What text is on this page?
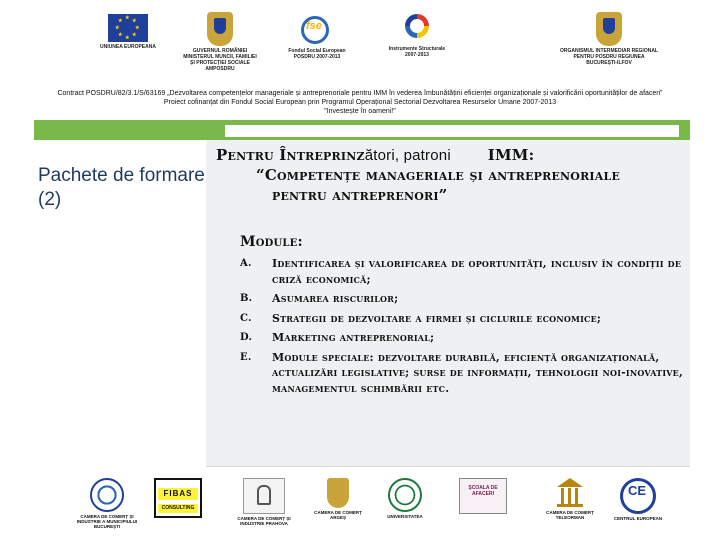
★ ★
★
★
★
★
★
★
UNIUNEA EUROPEANA
GUVERNUL ROMÂNIEI MINISTERUL MUNCII, FAMILIEI ȘI PROTECȚIEI SOCIALE AMPOSDRU
fse
Fondul Social European POSDRU 2007-2013
Instrumente Structurale 2007-2013
ORGANISMUL INTERMEDIAR REGIONAL PENTRU POSDRU REGIUNEA BUCUREȘTI-ILFOV
Contract POSDRU/82/3.1/S/63169 „Dezvoltarea competențelor manageriale și antreprenoriale pentru IMM în vederea îmbunătățirii eficienței organizaționale și valorificării oportunităților de afaceri”
Proiect cofinanțat din Fondul Social European prin Programul Operațional Sectorial Dezvoltarea Resurselor Umane 2007-2013
"Investește în oameni!"
Pachete de formare (2)
Pentru Întreprinzători, patroni IMM:
“Competențe manageriale și antreprenoriale
pentru antreprenori”
Module:
A. Identificarea și valorificarea de oportunități, inclusiv în condiții de criză economică;
B. Asumarea riscurilor;
C. Strategii de dezvoltare a firmei și ciclurile economice;
D. Marketing antreprenorial;
E. Module speciale: dezvoltare durabilă, eficiență organizațională, actualizări legislative; surse de informații, tehnologii noi-inovative, managementul schimbării etc.
CAMERA DE COMERȚ ȘI INDUSTRIE A MUNICIPIULUI BUCUREȘTI
FIBAS
CONSULTING
CAMERA DE COMERȚ ȘI INDUSTRIE PRAHOVA
CAMERA DE COMERȚ ARGEȘ	UNIVERSITATEA
ȘCOALA DE AFACERI
CAMERA DE COMERȚ TELEORMAN
CE
CENTRUL EUROPEAN
